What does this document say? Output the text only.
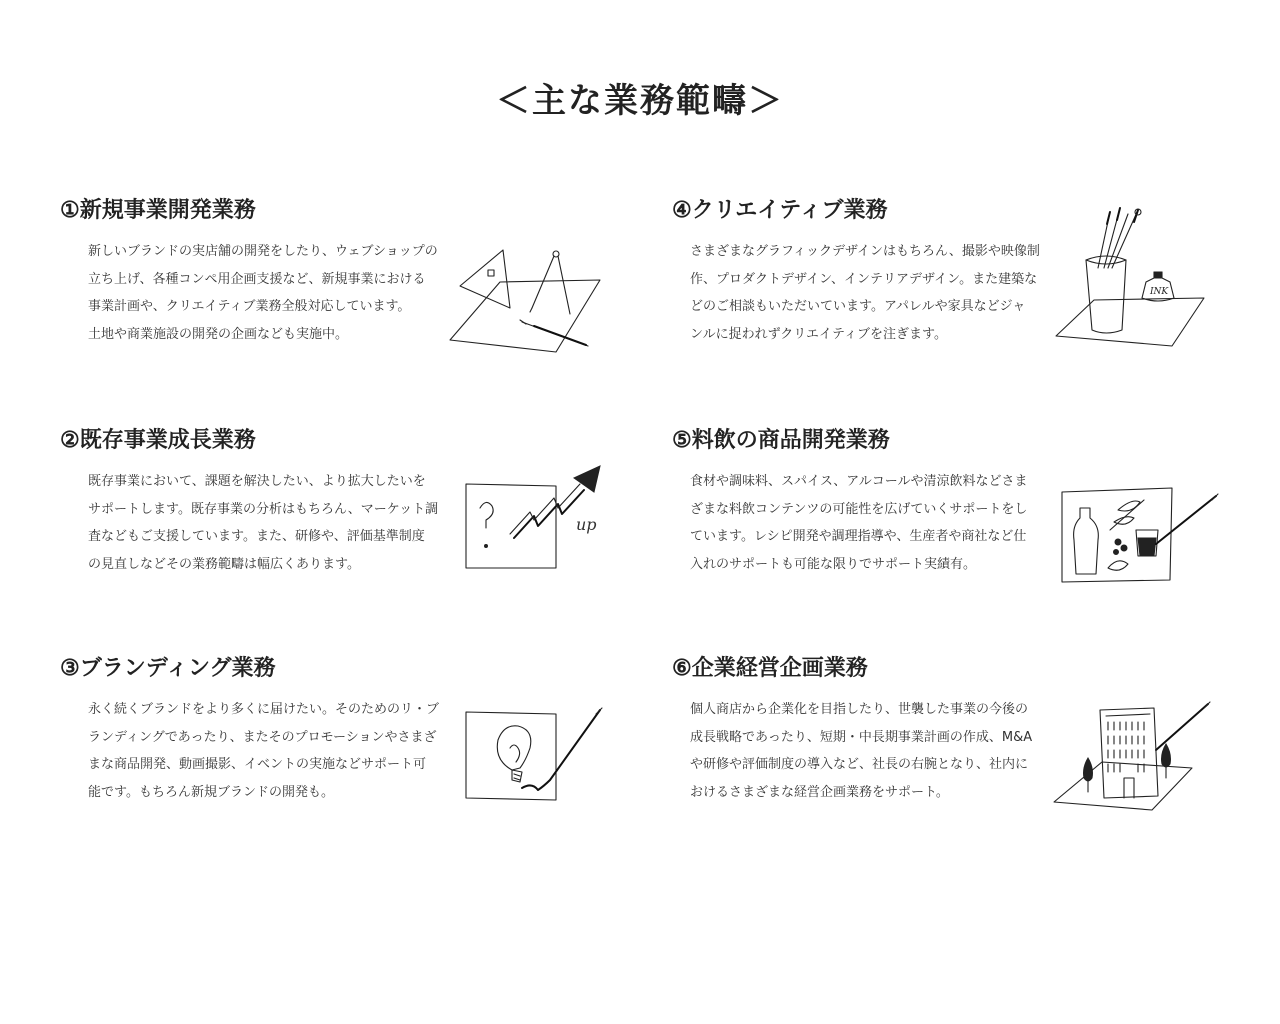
＜主な業務範疇＞
①新規事業開発業務

新しいブランドの実店舗の開発をしたり、ウェブショップの

立ち上げ、各種コンペ用企画支援など、新規事業における

事業計画や、クリエイティブ業務全般対応しています。

土地や商業施設の開発の企画なども実施中。

②既存事業成長業務

既存事業において、課題を解決したい、より拡大したいを

サポートします。既存事業の分析はもちろん、マーケット調

査などもご支援しています。また、研修や、評価基準制度

の見直しなどその業務範疇は幅広くあります。

up
③ブランディング業務

永く続くブランドをより多くに届けたい。そのためのリ・ブ

ランディングであったり、またそのプロモーションやさまざ

まな商品開発、動画撮影、イベントの実施などサポート可

能です。もちろん新規ブランドの開発も。

④クリエイティブ業務

さまざまなグラフィックデザインはもちろん、撮影や映像制

作、プロダクトデザイン、インテリアデザイン。また建築な

どのご相談もいただいています。アパレルや家具などジャ

ンルに捉われずクリエイティブを注ぎます。

INK
⑤料飲の商品開発業務

食材や調味料、スパイス、アルコールや清涼飲料などさま

ざまな料飲コンテンツの可能性を広げていくサポートをし

ています。レシピ開発や調理指導や、生産者や商社など仕

入れのサポートも可能な限りでサポート実績有。

⑥企業経営企画業務

個人商店から企業化を目指したり、世襲した事業の今後の

成長戦略であったり、短期・中長期事業計画の作成、M&A

や研修や評価制度の導入など、社長の右腕となり、社内に

おけるさまざまな経営企画業務をサポート。
